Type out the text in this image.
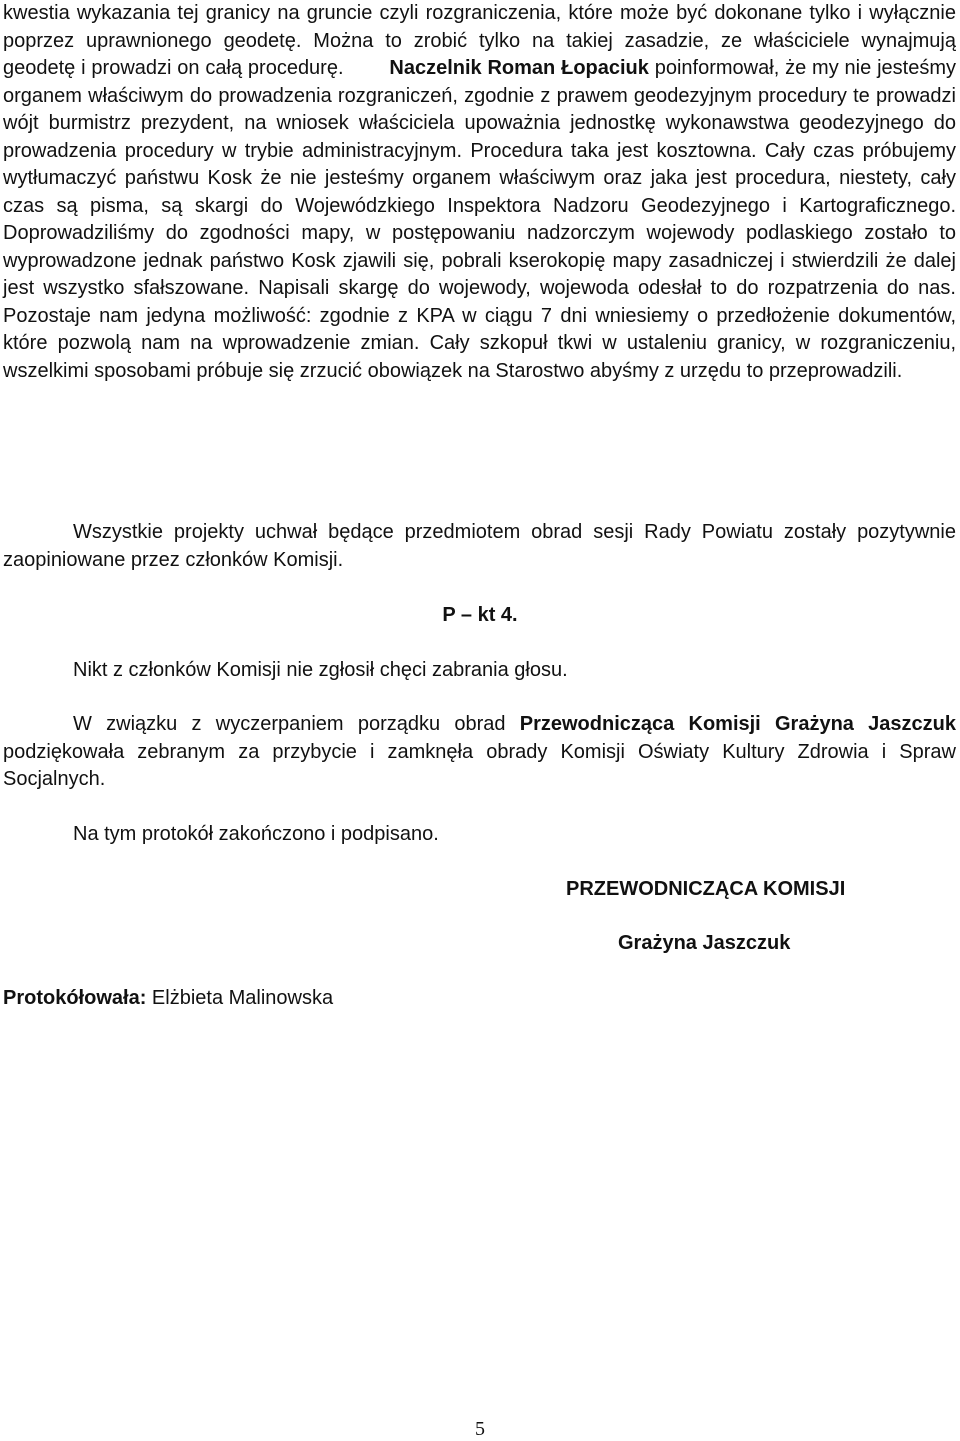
kwestia wykazania tej granicy na gruncie czyli rozgraniczenia, które może być dokonane tylko i wyłącznie poprzez uprawnionego geodetę. Można to zrobić tylko na takiej zasadzie, ze właściciele wynajmują geodetę i prowadzi on całą procedurę. Naczelnik Roman Łopaciuk poinformował, że my nie jesteśmy organem właściwym do prowadzenia rozgraniczeń, zgodnie z prawem geodezyjnym procedury te prowadzi wójt burmistrz prezydent, na wniosek właściciela upoważnia jednostkę wykonawstwa geodezyjnego do prowadzenia procedury w trybie administracyjnym. Procedura taka jest kosztowna. Cały czas próbujemy wytłumaczyć państwu Kosk że nie jesteśmy organem właściwym oraz jaka jest procedura, niestety, cały czas są pisma, są skargi do Wojewódzkiego Inspektora Nadzoru Geodezyjnego i Kartograficznego. Doprowadziliśmy do zgodności mapy, w postępowaniu nadzorczym wojewody podlaskiego zostało to wyprowadzone jednak państwo Kosk zjawili się, pobrali kserokopię mapy zasadniczej i stwierdzili że dalej jest wszystko sfałszowane. Napisali skargę do wojewody, wojewoda odesłał to do rozpatrzenia do nas. Pozostaje nam jedyna możliwość: zgodnie z KPA w ciągu 7 dni wniesiemy o przedłożenie dokumentów, które pozwolą nam na wprowadzenie zmian. Cały szkopuł tkwi w ustaleniu granicy, w rozgraniczeniu, wszelkimi sposobami próbuje się zrzucić obowiązek na Starostwo abyśmy z urzędu to przeprowadzili.

Wszystkie projekty uchwał będące przedmiotem obrad sesji Rady Powiatu zostały pozytywnie zaopiniowane przez członków Komisji.

P – kt 4.

Nikt z członków Komisji nie zgłosił chęci zabrania głosu.

W związku z wyczerpaniem porządku obrad Przewodnicząca Komisji Grażyna Jaszczuk podziękowała zebranym za przybycie i zamknęła obrady Komisji Oświaty Kultury Zdrowia i Spraw Socjalnych.

Na tym protokół zakończono i podpisano.

PRZEWODNICZĄCA KOMISJI
Grażyna Jaszczuk
Protokółowała: Elżbieta Malinowska
5
